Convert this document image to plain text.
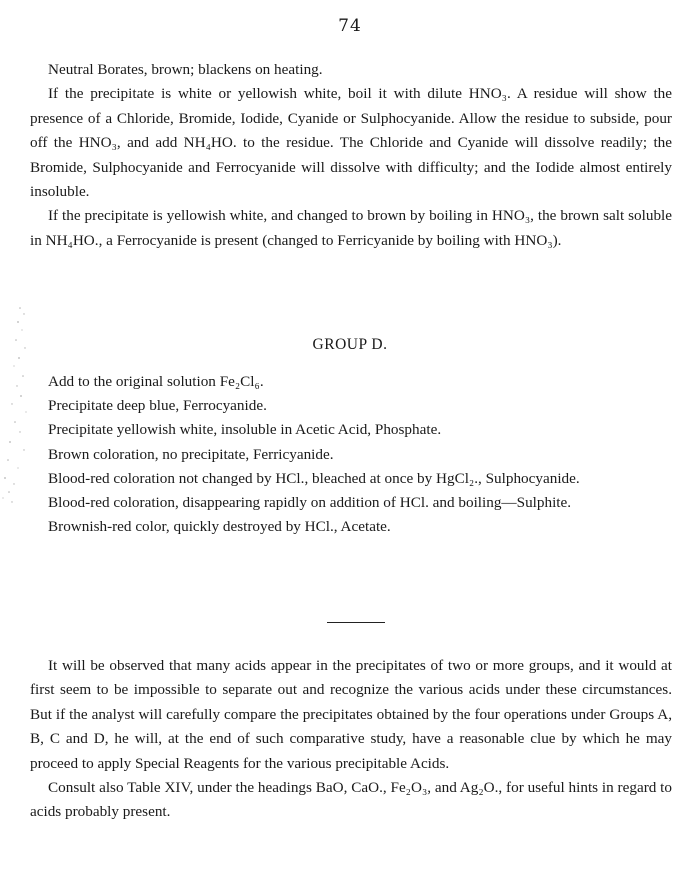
74

Neutral Borates, brown; blackens on heating.

If the precipitate is white or yellowish white, boil it with dilute HNO₃. A residue will show the presence of a Chloride, Bromide, Iodide, Cyanide or Sulphocyanide. Allow the residue to subside, pour off the HNO₃, and add NH₄HO. to the residue. The Chloride and Cyanide will dissolve readily; the Bromide, Sulphocyanide and Ferrocyanide will dissolve with difficulty; and the Iodide almost entirely insoluble.

If the precipitate is yellowish white, and changed to brown by boiling in HNO₃, the brown salt soluble in NH₄HO., a Ferrocyanide is present (changed to Ferricyanide by boiling with HNO₃).

GROUP D.

Add to the original solution Fe₂Cl₆.

Precipitate deep blue, Ferrocyanide.

Precipitate yellowish white, insoluble in Acetic Acid, Phosphate.

Brown coloration, no precipitate, Ferricyanide.

Blood-red coloration not changed by HCl., bleached at once by HgCl₂., Sulphocyanide.

Blood-red coloration, disappearing rapidly on addition of HCl. and boiling—Sulphite.

Brownish-red color, quickly destroyed by HCl., Acetate.

It will be observed that many acids appear in the precipitates of two or more groups, and it would at first seem to be impossible to separate out and recognize the various acids under these circumstances. But if the analyst will carefully compare the precipitates obtained by the four operations under Groups A, B, C and D, he will, at the end of such comparative study, have a reasonable clue by which he may proceed to apply Special Reagents for the various precipitable Acids.

Consult also Table XIV, under the headings BaO, CaO., Fe₂O₃, and Ag₂O., for useful hints in regard to acids probably present.
